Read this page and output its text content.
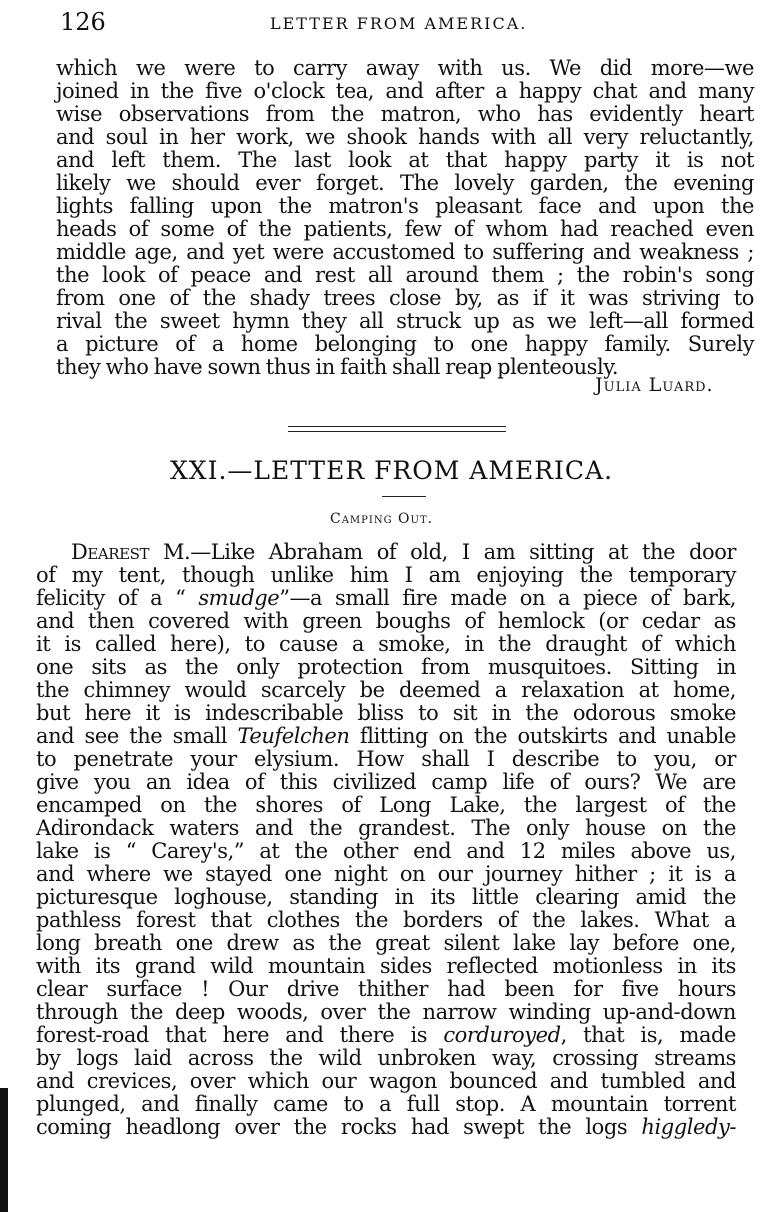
126	LETTER FROM AMERICA.
which we were to carry away with us. We did more—we
joined in the five o'clock tea, and after a happy chat and many
wise observations from the matron, who has evidently heart
and soul in her work, we shook hands with all very reluctantly,
and left them. The last look at that happy party it is not
likely we should ever forget. The lovely garden, the evening
lights falling upon the matron's pleasant face and upon the
heads of some of the patients, few of whom had reached even
middle age, and yet were accustomed to suffering and weakness ;
the look of peace and rest all around them ; the robin's song
from one of the shady trees close by, as if it was striving to
rival the sweet hymn they all struck up as we left—all formed
a picture of a home belonging to one happy family. Surely
they who have sown thus in faith shall reap plenteously.
Julia Luard.
XXI.—LETTER FROM AMERICA.
Camping Out.
Dearest M.—Like Abraham of old, I am sitting at the door
of my tent, though unlike him I am enjoying the temporary
felicity of a “ smudge”—a small fire made on a piece of bark,
and then covered with green boughs of hemlock (or cedar as
it is called here), to cause a smoke, in the draught of which
one sits as the only protection from musquitoes. Sitting in
the chimney would scarcely be deemed a relaxation at home,
but here it is indescribable bliss to sit in the odorous smoke
and see the small Teufelchen flitting on the outskirts and unable
to penetrate your elysium. How shall I describe to you, or
give you an idea of this civilized camp life of ours? We are
encamped on the shores of Long Lake, the largest of the
Adirondack waters and the grandest. The only house on the
lake is “ Carey's,” at the other end and 12 miles above us,
and where we stayed one night on our journey hither ; it is a
picturesque loghouse, standing in its little clearing amid the
pathless forest that clothes the borders of the lakes. What a
long breath one drew as the great silent lake lay before one,
with its grand wild mountain sides reflected motionless in its
clear surface ! Our drive thither had been for five hours
through the deep woods, over the narrow winding up-and-down
forest-road that here and there is corduroyed, that is, made
by logs laid across the wild unbroken way, crossing streams
and crevices, over which our wagon bounced and tumbled and
plunged, and finally came to a full stop. A mountain torrent
coming headlong over the rocks had swept the logs higgledy-
